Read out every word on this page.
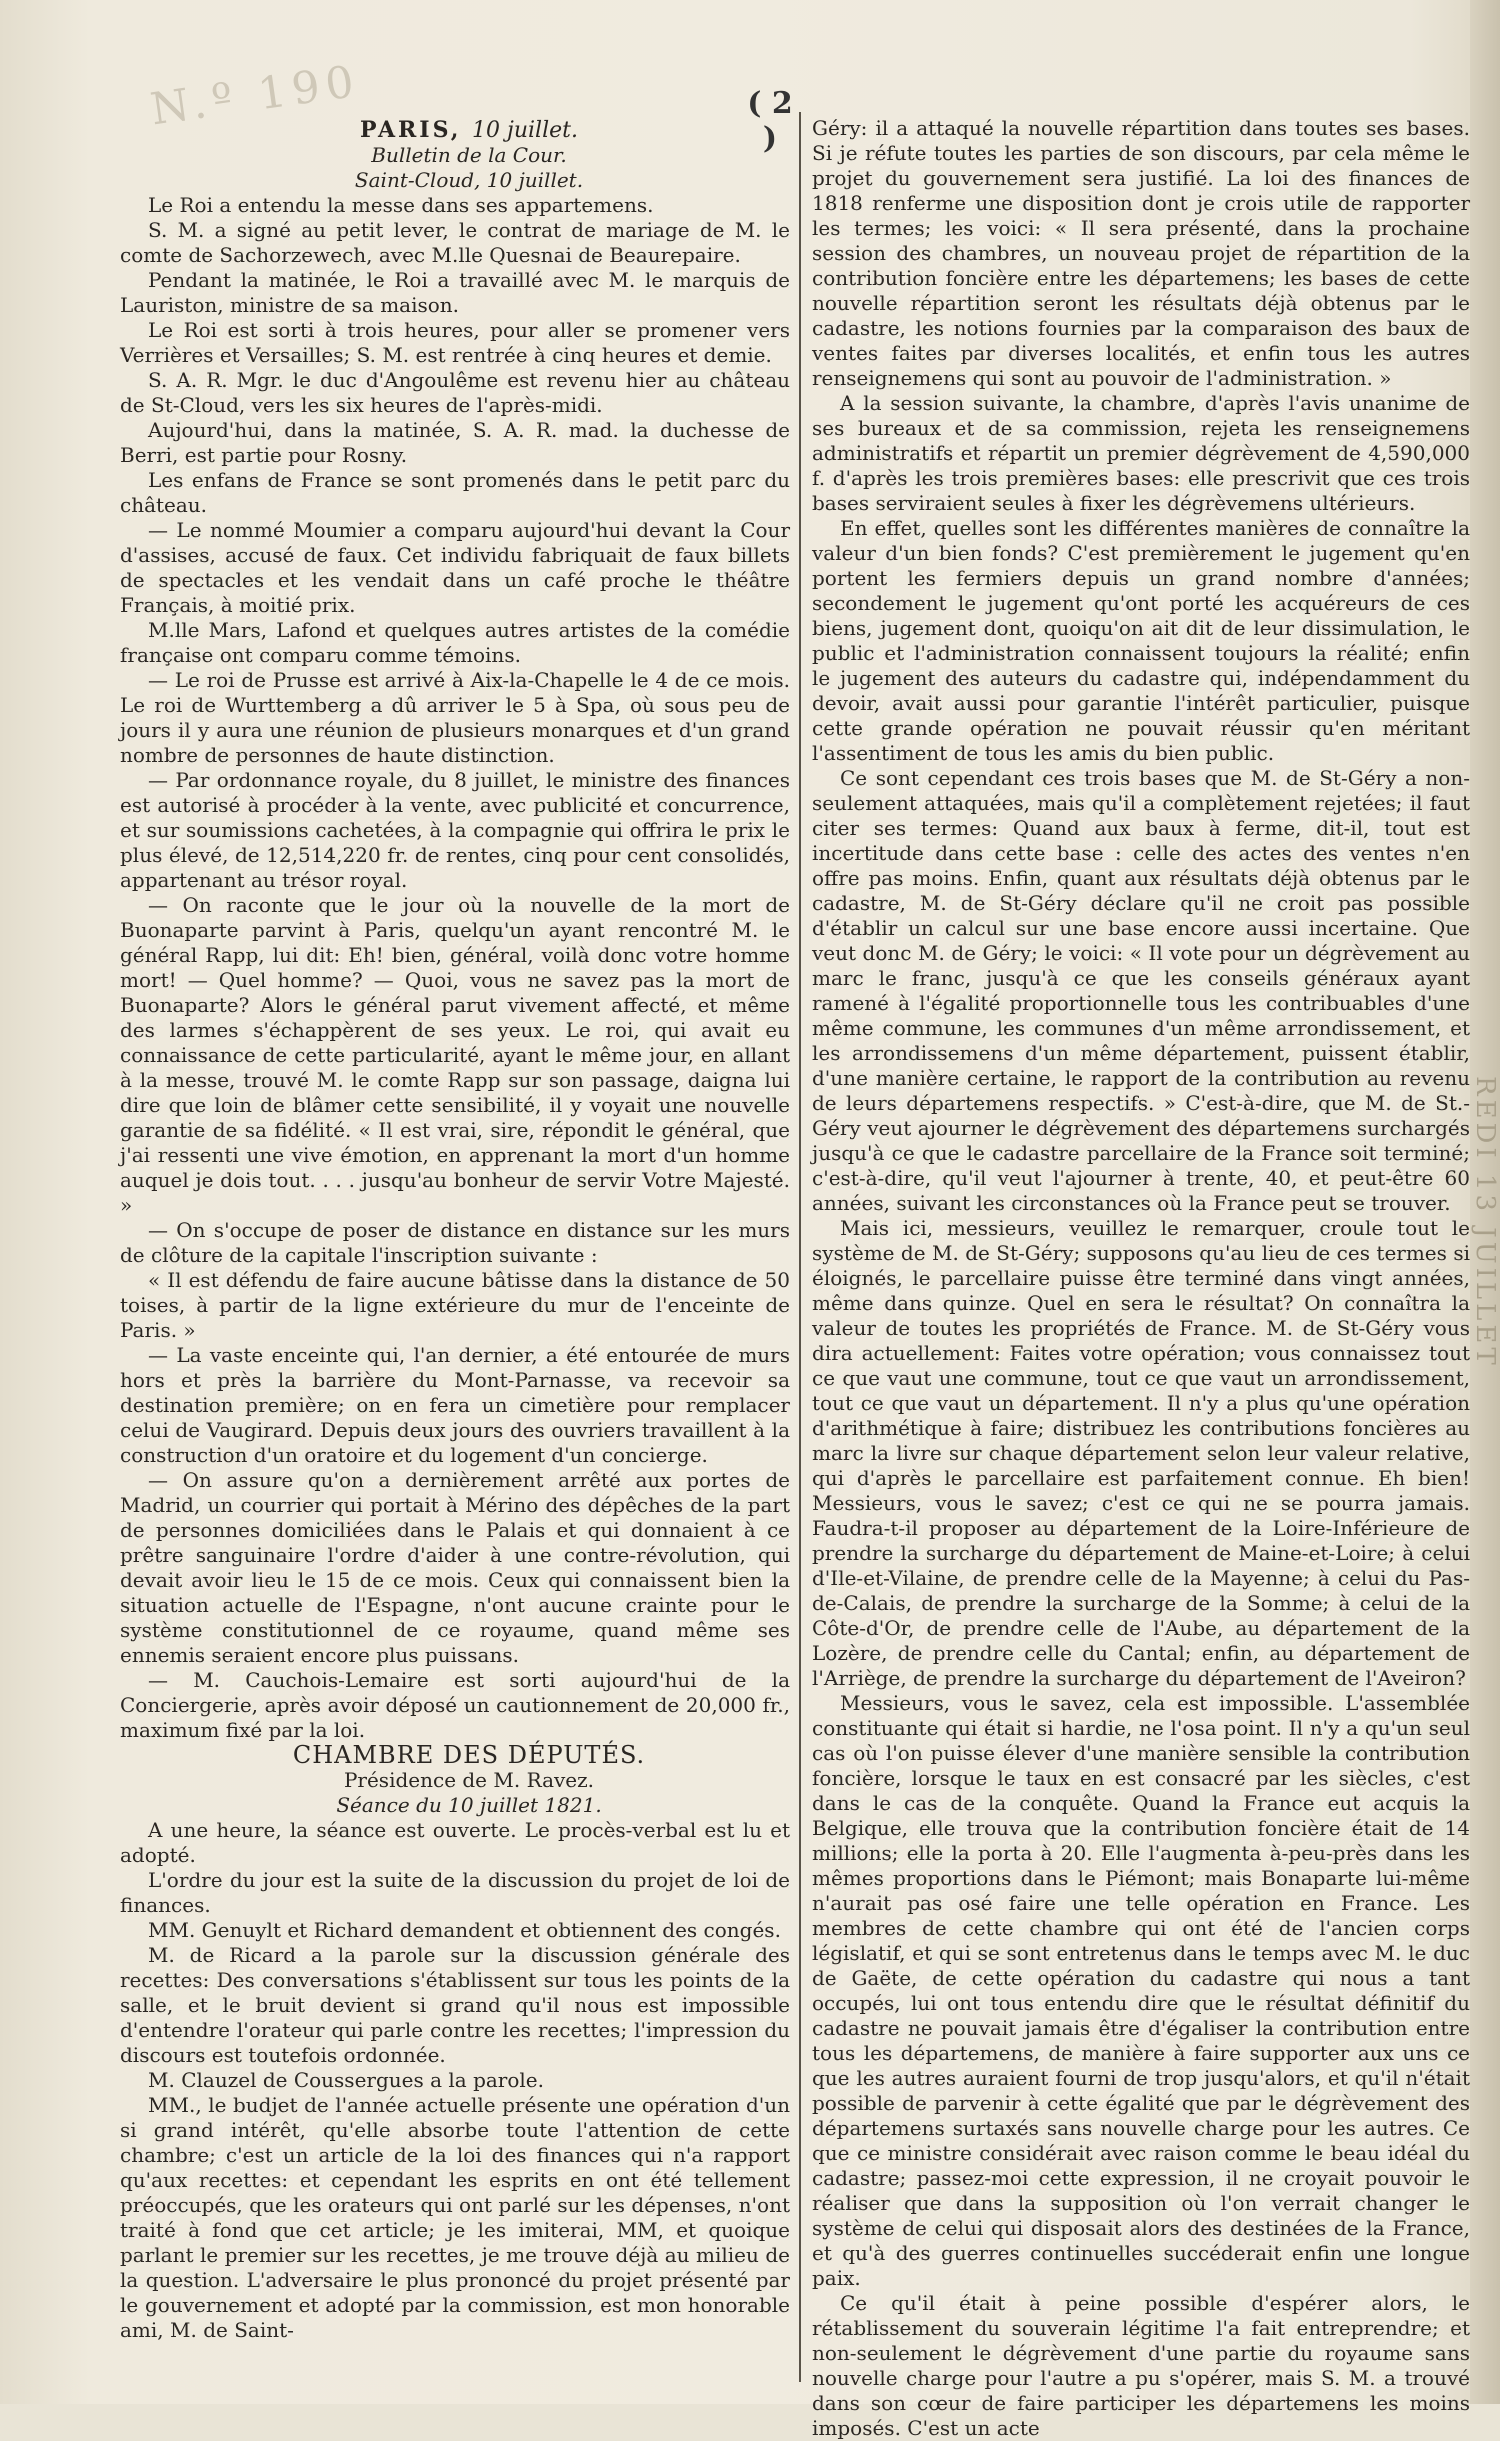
N.º 190	( 2 )
REDI 13 JUILLET

PARIS, 10 juillet.

Bulletin de la Cour.

Saint-Cloud, 10 juillet.

Le Roi a entendu la messe dans ses appartemens.

S. M. a signé au petit lever, le contrat de mariage de M. le comte de Sachorzewech, avec M.lle Quesnai de Beaurepaire.

Pendant la matinée, le Roi a travaillé avec M. le marquis de Lauriston, ministre de sa maison.

Le Roi est sorti à trois heures, pour aller se promener vers Verrières et Versailles; S. M. est rentrée à cinq heures et demie.

S. A. R. Mgr. le duc d'Angoulême est revenu hier au château de St-Cloud, vers les six heures de l'après-midi.

Aujourd'hui, dans la matinée, S. A. R. mad. la duchesse de Berri, est partie pour Rosny.

Les enfans de France se sont promenés dans le petit parc du château.

— Le nommé Moumier a comparu aujourd'hui devant la Cour d'assises, accusé de faux. Cet individu fabriquait de faux billets de spectacles et les vendait dans un café proche le théâtre Français, à moitié prix.

M.lle Mars, Lafond et quelques autres artistes de la comédie française ont comparu comme témoins.

— Le roi de Prusse est arrivé à Aix-la-Chapelle le 4 de ce mois. Le roi de Wurttemberg a dû arriver le 5 à Spa, où sous peu de jours il y aura une réunion de plusieurs monarques et d'un grand nombre de personnes de haute distinction.

— Par ordonnance royale, du 8 juillet, le ministre des finances est autorisé à procéder à la vente, avec publicité et concurrence, et sur soumissions cachetées, à la compagnie qui offrira le prix le plus élevé, de 12,514,220 fr. de rentes, cinq pour cent consolidés, appartenant au trésor royal.

— On raconte que le jour où la nouvelle de la mort de Buonaparte parvint à Paris, quelqu'un ayant rencontré M. le général Rapp, lui dit: Eh! bien, général, voilà donc votre homme mort! — Quel homme? — Quoi, vous ne savez pas la mort de Buonaparte? Alors le général parut vivement affecté, et même des larmes s'échappèrent de ses yeux. Le roi, qui avait eu connaissance de cette particularité, ayant le même jour, en allant à la messe, trouvé M. le comte Rapp sur son passage, daigna lui dire que loin de blâmer cette sensibilité, il y voyait une nouvelle garantie de sa fidélité. « Il est vrai, sire, répondit le général, que j'ai ressenti une vive émotion, en apprenant la mort d'un homme auquel je dois tout. . . . jusqu'au bonheur de servir Votre Majesté. »

— On s'occupe de poser de distance en distance sur les murs de clôture de la capitale l'inscription suivante :

« Il est défendu de faire aucune bâtisse dans la distance de 50 toises, à partir de la ligne extérieure du mur de l'enceinte de Paris. »

— La vaste enceinte qui, l'an dernier, a été entourée de murs hors et près la barrière du Mont-Parnasse, va recevoir sa destination première; on en fera un cimetière pour remplacer celui de Vaugirard. Depuis deux jours des ouvriers travaillent à la construction d'un oratoire et du logement d'un concierge.

— On assure qu'on a dernièrement arrêté aux portes de Madrid, un courrier qui portait à Mérino des dépêches de la part de personnes domiciliées dans le Palais et qui donnaient à ce prêtre sanguinaire l'ordre d'aider à une contre-révolution, qui devait avoir lieu le 15 de ce mois. Ceux qui connaissent bien la situation actuelle de l'Espagne, n'ont aucune crainte pour le système constitutionnel de ce royaume, quand même ses ennemis seraient encore plus puissans.

— M. Cauchois-Lemaire est sorti aujourd'hui de la Conciergerie, après avoir déposé un cautionnement de 20,000 fr., maximum fixé par la loi.

CHAMBRE DES DÉPUTÉS.

Présidence de M. Ravez.

Séance du 10 juillet 1821.

A une heure, la séance est ouverte. Le procès-verbal est lu et adopté.

L'ordre du jour est la suite de la discussion du projet de loi de finances.

MM. Genuylt et Richard demandent et obtiennent des congés.

M. de Ricard a la parole sur la discussion générale des recettes: Des conversations s'établissent sur tous les points de la salle, et le bruit devient si grand qu'il nous est impossible d'entendre l'orateur qui parle contre les recettes; l'impression du discours est toutefois ordonnée.

M. Clauzel de Coussergues a la parole.

MM., le budjet de l'année actuelle présente une opération d'un si grand intérêt, qu'elle absorbe toute l'attention de cette chambre; c'est un article de la loi des finances qui n'a rapport qu'aux recettes: et cependant les esprits en ont été tellement préoccupés, que les orateurs qui ont parlé sur les dépenses, n'ont traité à fond que cet article; je les imiterai, MM, et quoique parlant le premier sur les recettes, je me trouve déjà au milieu de la question. L'adversaire le plus prononcé du projet présenté par le gouvernement et adopté par la commission, est mon honorable ami, M. de Saint-

Géry: il a attaqué la nouvelle répartition dans toutes ses bases. Si je réfute toutes les parties de son discours, par cela même le projet du gouvernement sera justifié. La loi des finances de 1818 renferme une disposition dont je crois utile de rapporter les termes; les voici: « Il sera présenté, dans la prochaine session des chambres, un nouveau projet de répartition de la contribution foncière entre les départemens; les bases de cette nouvelle répartition seront les résultats déjà obtenus par le cadastre, les notions fournies par la comparaison des baux de ventes faites par diverses localités, et enfin tous les autres renseignemens qui sont au pouvoir de l'administration. »

A la session suivante, la chambre, d'après l'avis unanime de ses bureaux et de sa commission, rejeta les renseignemens administratifs et répartit un premier dégrèvement de 4,590,000 f. d'après les trois premières bases: elle prescrivit que ces trois bases serviraient seules à fixer les dégrèvemens ultérieurs.

En effet, quelles sont les différentes manières de connaître la valeur d'un bien fonds? C'est premièrement le jugement qu'en portent les fermiers depuis un grand nombre d'années; secondement le jugement qu'ont porté les acquéreurs de ces biens, jugement dont, quoiqu'on ait dit de leur dissimulation, le public et l'administration connaissent toujours la réalité; enfin le jugement des auteurs du cadastre qui, indépendamment du devoir, avait aussi pour garantie l'intérêt particulier, puisque cette grande opération ne pouvait réussir qu'en méritant l'assentiment de tous les amis du bien public.

Ce sont cependant ces trois bases que M. de St-Géry a non-seulement attaquées, mais qu'il a complètement rejetées; il faut citer ses termes: Quand aux baux à ferme, dit-il, tout est incertitude dans cette base : celle des actes des ventes n'en offre pas moins. Enfin, quant aux résultats déjà obtenus par le cadastre, M. de St-Géry déclare qu'il ne croit pas possible d'établir un calcul sur une base encore aussi incertaine. Que veut donc M. de Géry; le voici: « Il vote pour un dégrèvement au marc le franc, jusqu'à ce que les conseils généraux ayant ramené à l'égalité proportionnelle tous les contribuables d'une même commune, les communes d'un même arrondissement, et les arrondissemens d'un même département, puissent établir, d'une manière certaine, le rapport de la contribution au revenu de leurs départemens respectifs. » C'est-à-dire, que M. de St.-Géry veut ajourner le dégrèvement des départemens surchargés jusqu'à ce que le cadastre parcellaire de la France soit terminé; c'est-à-dire, qu'il veut l'ajourner à trente, 40, et peut-être 60 années, suivant les circonstances où la France peut se trouver.

Mais ici, messieurs, veuillez le remarquer, croule tout le système de M. de St-Géry; supposons qu'au lieu de ces termes si éloignés, le parcellaire puisse être terminé dans vingt années, même dans quinze. Quel en sera le résultat? On connaîtra la valeur de toutes les propriétés de France. M. de St-Géry vous dira actuellement: Faites votre opération; vous connaissez tout ce que vaut une commune, tout ce que vaut un arrondissement, tout ce que vaut un département. Il n'y a plus qu'une opération d'arithmétique à faire; distribuez les contributions foncières au marc la livre sur chaque département selon leur valeur relative, qui d'après le parcellaire est parfaitement connue. Eh bien! Messieurs, vous le savez; c'est ce qui ne se pourra jamais. Faudra-t-il proposer au département de la Loire-Inférieure de prendre la surcharge du département de Maine-et-Loire; à celui d'Ile-et-Vilaine, de prendre celle de la Mayenne; à celui du Pas-de-Calais, de prendre la surcharge de la Somme; à celui de la Côte-d'Or, de prendre celle de l'Aube, au département de la Lozère, de prendre celle du Cantal; enfin, au département de l'Arriège, de prendre la surcharge du département de l'Aveiron?

Messieurs, vous le savez, cela est impossible. L'assemblée constituante qui était si hardie, ne l'osa point. Il n'y a qu'un seul cas où l'on puisse élever d'une manière sensible la contribution foncière, lorsque le taux en est consacré par les siècles, c'est dans le cas de la conquête. Quand la France eut acquis la Belgique, elle trouva que la contribution foncière était de 14 millions; elle la porta à 20. Elle l'augmenta à-peu-près dans les mêmes proportions dans le Piémont; mais Bonaparte lui-même n'aurait pas osé faire une telle opération en France. Les membres de cette chambre qui ont été de l'ancien corps législatif, et qui se sont entretenus dans le temps avec M. le duc de Gaëte, de cette opération du cadastre qui nous a tant occupés, lui ont tous entendu dire que le résultat définitif du cadastre ne pouvait jamais être d'égaliser la contribution entre tous les départemens, de manière à faire supporter aux uns ce que les autres auraient fourni de trop jusqu'alors, et qu'il n'était possible de parvenir à cette égalité que par le dégrèvement des départemens surtaxés sans nouvelle charge pour les autres. Ce que ce ministre considérait avec raison comme le beau idéal du cadastre; passez-moi cette expression, il ne croyait pouvoir le réaliser que dans la supposition où l'on verrait changer le système de celui qui disposait alors des destinées de la France, et qu'à des guerres continuelles succéderait enfin une longue paix.

Ce qu'il était à peine possible d'espérer alors, le rétablissement du souverain légitime l'a fait entreprendre; et non-seulement le dégrèvement d'une partie du royaume sans nouvelle charge pour l'autre a pu s'opérer, mais S. M. a trouvé dans son cœur de faire participer les départemens les moins imposés. C'est un acte
